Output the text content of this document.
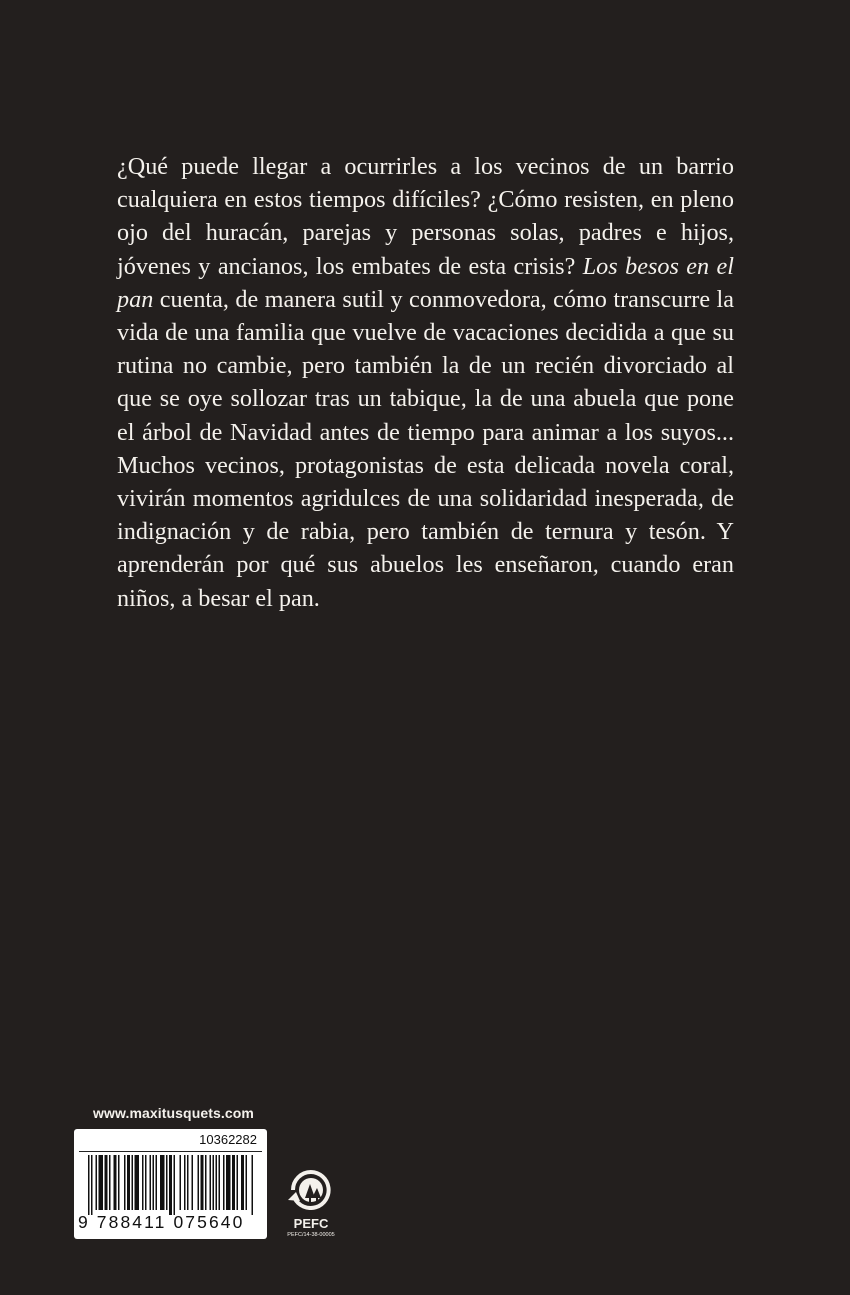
¿Qué puede llegar a ocurrirles a los vecinos de un barrio cualquiera en estos tiempos difíciles? ¿Cómo resisten, en pleno ojo del huracán, parejas y personas solas, padres e hijos, jóvenes y ancianos, los embates de esta crisis? Los besos en el pan cuenta, de manera sutil y conmovedora, cómo transcurre la vida de una familia que vuelve de vacaciones decidida a que su rutina no cambie, pero también la de un recién divorciado al que se oye sollozar tras un tabique, la de una abuela que pone el árbol de Navidad antes de tiempo para animar a los suyos... Muchos vecinos, protagonistas de esta delicada novela coral, vivirán momentos agridulces de una solidaridad inesperada, de indignación y de rabia, pero también de ternura y tesón. Y aprenderán por qué sus abuelos les enseñaron, cuando eran niños, a besar el pan.

www.maxitusquets.com
10362282
9 788411 075640	PEFC
PEFC/14-38-00005
